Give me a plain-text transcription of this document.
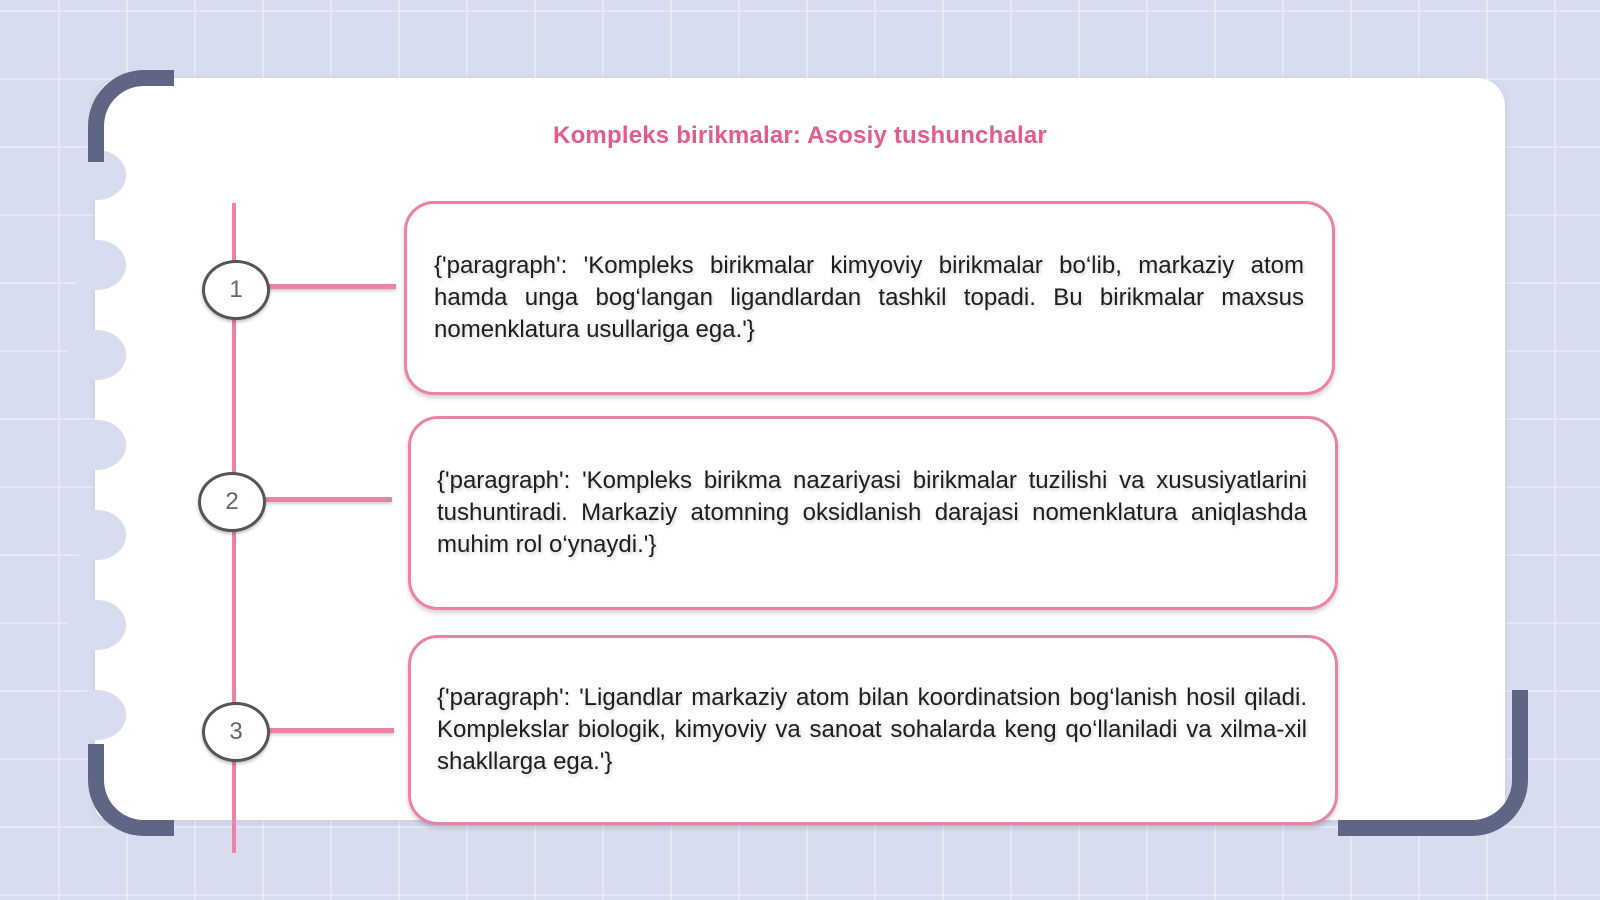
Kompleks birikmalar: Asosiy tushunchalar
1
2
3

{'paragraph': 'Kompleks birikmalar kimyoviy birikmalar bo‘lib, markaziy atom hamda unga bog‘langan ligandlardan tashkil topadi. Bu birikmalar maxsus nomenklatura usullariga ega.'}

{'paragraph': 'Kompleks birikma nazariyasi birikmalar tuzilishi va xususiyatlarini tushuntiradi. Markaziy atomning oksidlanish darajasi nomenklatura aniqlashda muhim rol o‘ynaydi.'}

{'paragraph': 'Ligandlar markaziy atom bilan koordinatsion bog‘lanish hosil qiladi. Komplekslar biologik, kimyoviy va sanoat sohalarda keng qo‘llaniladi va xilma-xil shakllarga ega.'}
